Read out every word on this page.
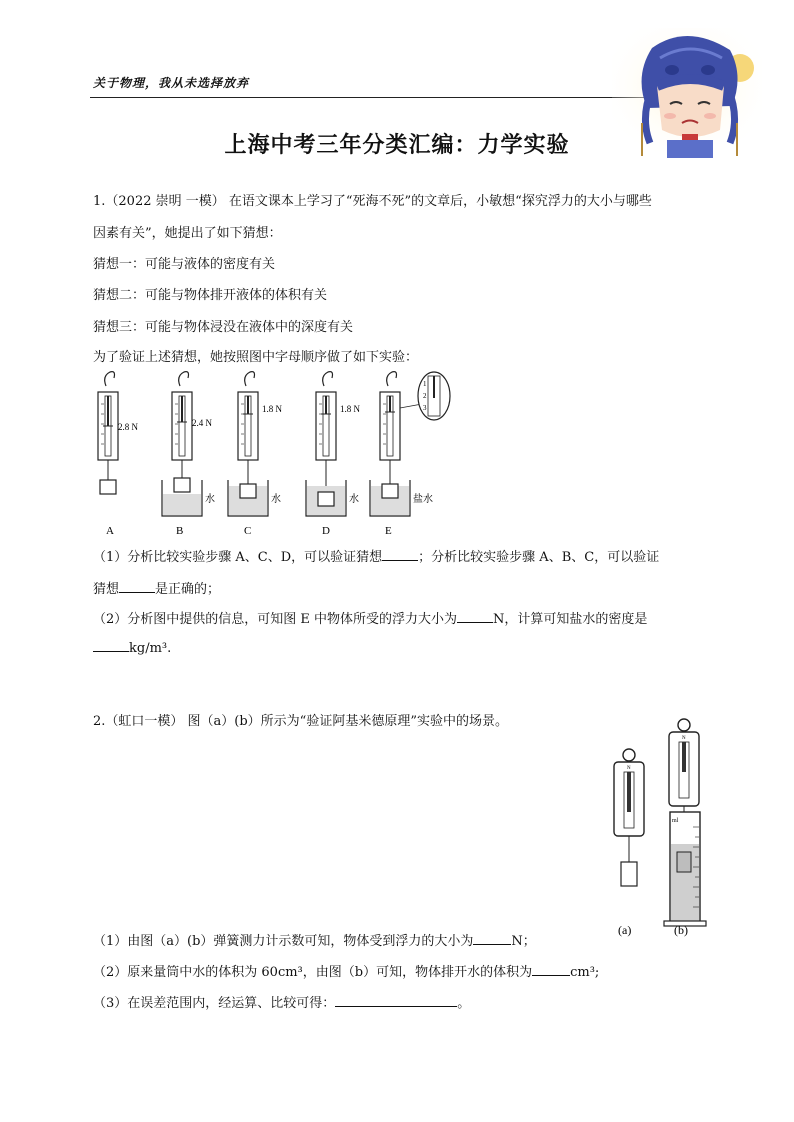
关于物理，我从未选择放弃
上海中考三年分类汇编：力学实验
1.（2022 崇明 一模） 在语文课本上学习了“死海不死”的文章后，小敏想“探究浮力的大小与哪些
因素有关”，她提出了如下猜想：
猜想一：可能与液体的密度有关
猜想二：可能与物体排开液体的体积有关
猜想三：可能与物体浸没在液体中的深度有关
为了验证上述猜想，她按照图中字母顺序做了如下实验：
2.8 N	2.4 N
1.8 N	1.8 N
1
2
3
水	水	水	盐水
A	B	C	D	E
（1）分析比较实验步骤 A、C、D，可以验证猜想	；分析比较实验步骤 A、B、C，可以验证
猜想	是正确的；
（2）分析图中提供的信息，可知图 E 中物体所受的浮力大小为	N，计算可知盐水的密度是
kg/m³.
2.（虹口一模） 图（a）(b）所示为“验证阿基米德原理”实验中的场景。
N
N
ml
(a)	(b)
（1）由图（a）(b）弹簧测力计示数可知，物体受到浮力的大小为	N；
（2）原来量筒中水的体积为 60cm³，由图（b）可知，物体排开水的体积为	cm³;
（3）在误差范围内，经运算、比较可得：	。
